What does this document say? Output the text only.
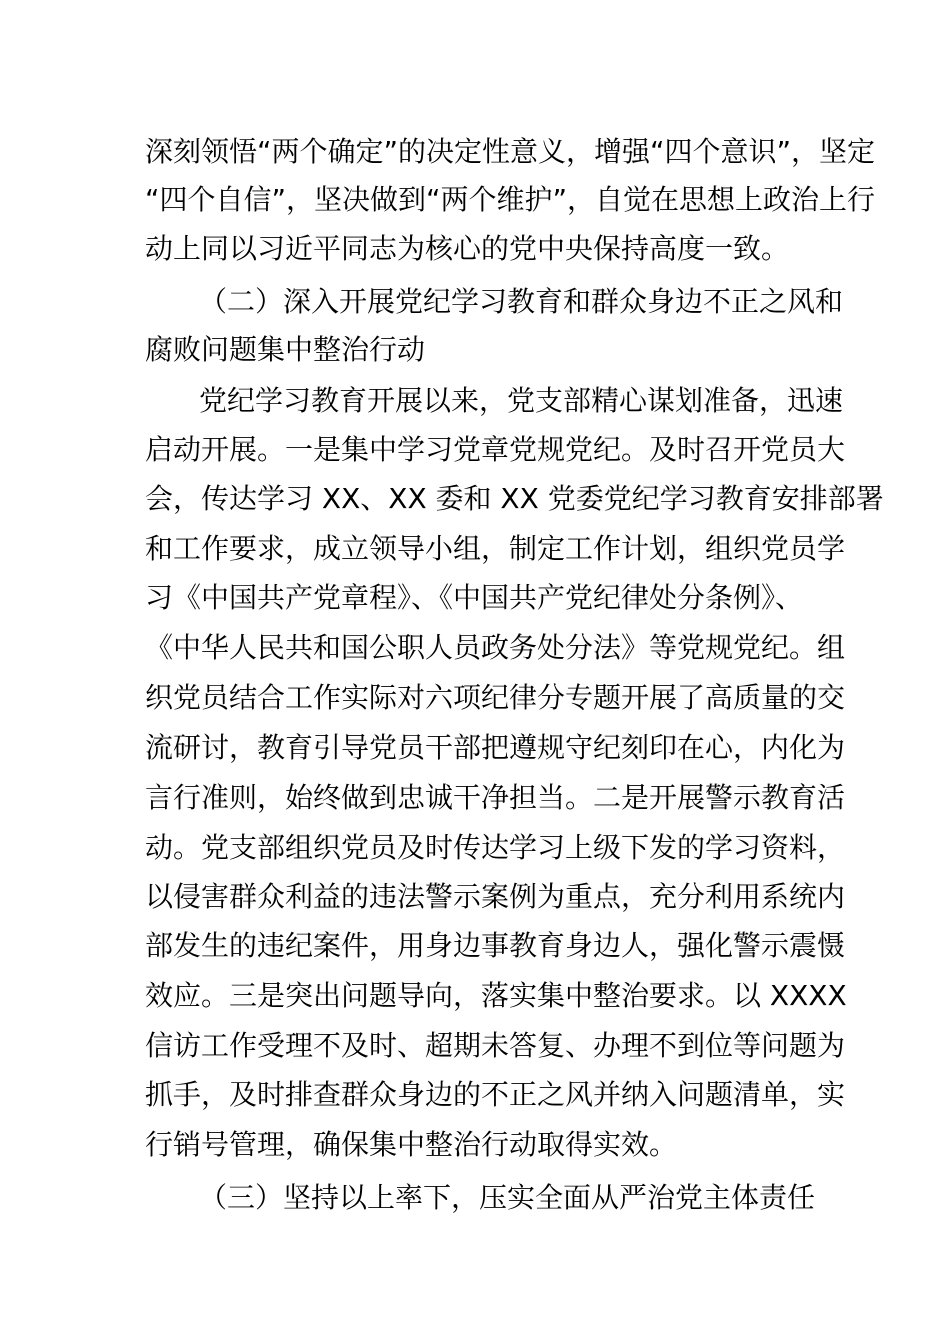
深刻领悟“两个确定”的决定性意义，增强“四个意识”，坚定
“四个自信”，坚决做到“两个维护”，自觉在思想上政治上行
动上同以习近平同志为核心的党中央保持高度一致。
（二）深入开展党纪学习教育和群众身边不正之风和
腐败问题集中整治行动
党纪学习教育开展以来，党支部精心谋划准备，迅速
启动开展。一是集中学习党章党规党纪。及时召开党员大
会，传达学习 XX、XX 委和 XX 党委党纪学习教育安排部署
和工作要求，成立领导小组，制定工作计划，组织党员学
习《中国共产党章程》、《中国共产党纪律处分条例》、
《中华人民共和国公职人员政务处分法》等党规党纪。组
织党员结合工作实际对六项纪律分专题开展了高质量的交
流研讨，教育引导党员干部把遵规守纪刻印在心，内化为
言行准则，始终做到忠诚干净担当。二是开展警示教育活
动。党支部组织党员及时传达学习上级下发的学习资料，
以侵害群众利益的违法警示案例为重点，充分利用系统内
部发生的违纪案件，用身边事教育身边人，强化警示震慑
效应。三是突出问题导向，落实集中整治要求。以 XXXX
信访工作受理不及时、超期未答复、办理不到位等问题为
抓手，及时排查群众身边的不正之风并纳入问题清单，实
行销号管理，确保集中整治行动取得实效。
（三）坚持以上率下，压实全面从严治党主体责任
